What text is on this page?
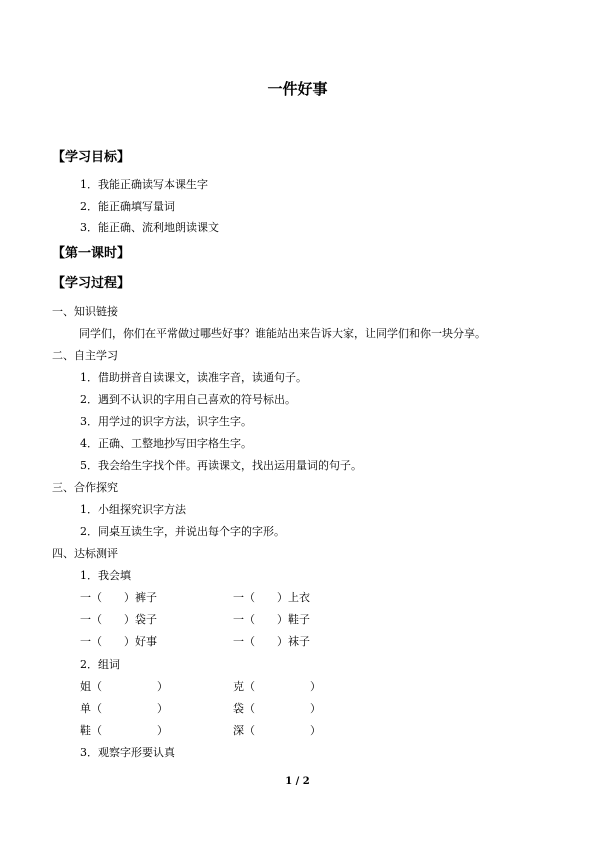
一件好事
【学习目标】
1．我能正确读写本课生字
2．能正确填写量词
3．能正确、流利地朗读课文
【第一课时】
【学习过程】
一、知识链接
同学们，你们在平常做过哪些好事？谁能站出来告诉大家，让同学们和你一块分享。
二、自主学习
1．借助拼音自读课文，读准字音，读通句子。
2．遇到不认识的字用自己喜欢的符号标出。
3．用学过的识字方法，识字生字。
4．正确、工整地抄写田字格生字。
5．我会给生字找个伴。再读课文，找出运用量词的句子。
三、合作探究
1．小组探究识字方法
2．同桌互读生字，并说出每个字的字形。
四、达标测评
1．我会填
一（　　）裤子	一（　　）上衣
一（　　）袋子	一（　　）鞋子
一（　　）好事	一（　　）袜子
2．组词
姐（　　　　　）	克（　　　　　）
单（　　　　　）	袋（　　　　　）
鞋（　　　　　）	深（　　　　　）
3．观察字形要认真
1 / 2
